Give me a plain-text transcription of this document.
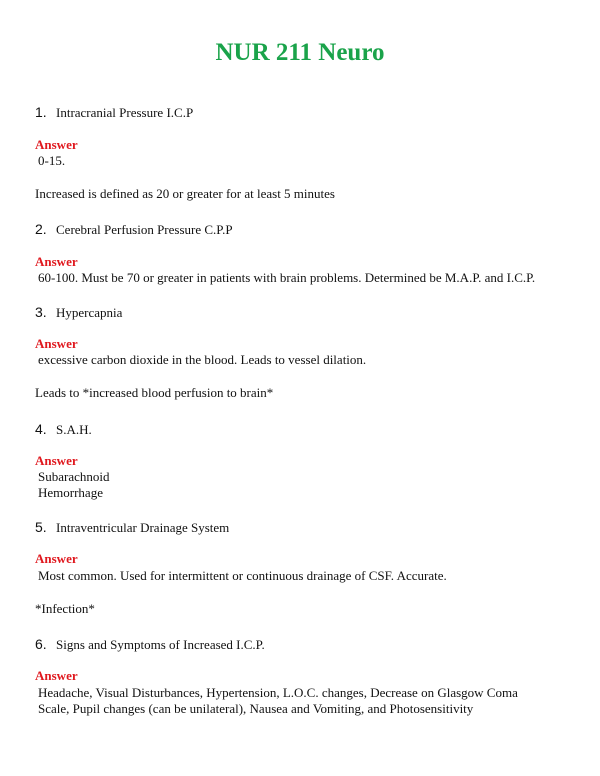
NUR 211 Neuro
1. Intracranial Pressure I.C.P
Answer
0-15.
Increased is defined as 20 or greater for at least 5 minutes
2. Cerebral Perfusion Pressure C.P.P
Answer
60-100. Must be 70 or greater in patients with brain problems. Determined be M.A.P. and I.C.P.
3. Hypercapnia
Answer
excessive carbon dioxide in the blood. Leads to vessel dilation.
Leads to *increased blood perfusion to brain*
4. S.A.H.
Answer
Subarachnoid
Hemorrhage
5. Intraventricular Drainage System
Answer
Most common. Used for intermittent or continuous drainage of CSF. Accurate.
*Infection*
6. Signs and Symptoms of Increased I.C.P.
Answer
Headache, Visual Disturbances, Hypertension, L.O.C. changes, Decrease on Glasgow Coma
Scale, Pupil changes (can be unilateral), Nausea and Vomiting, and Photosensitivity
